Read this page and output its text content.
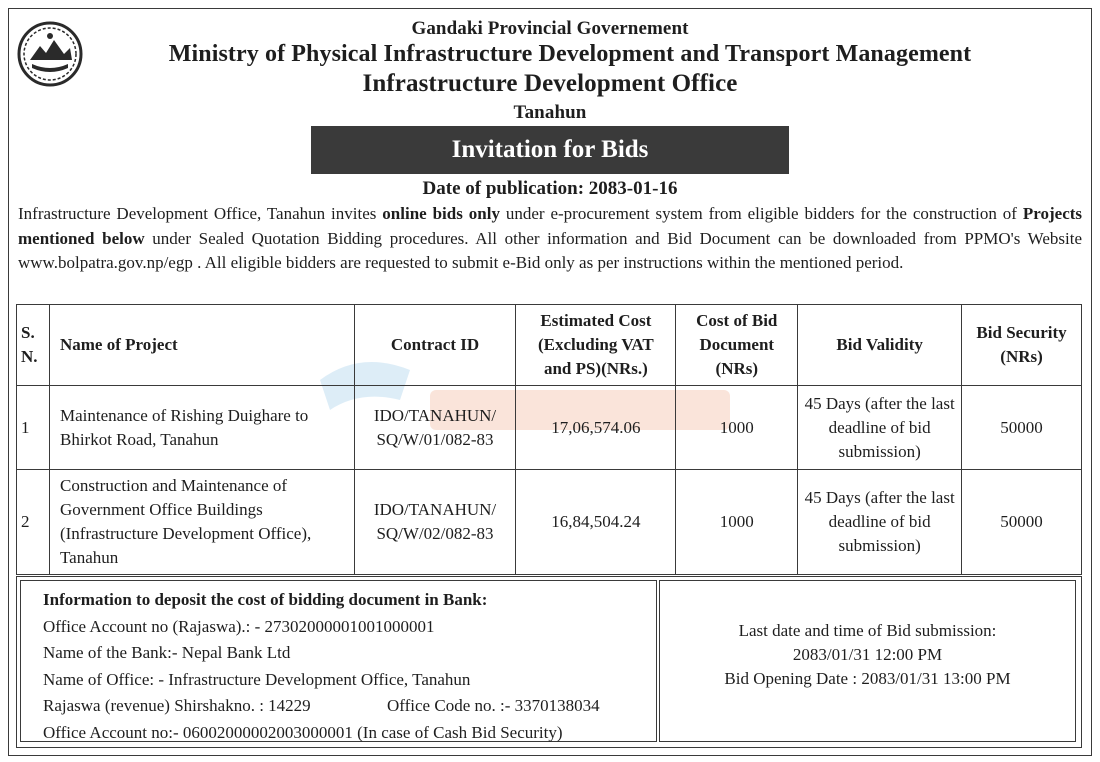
Gandaki Provincial Governement
Ministry of Physical Infrastructure Development and Transport Management
Infrastructure Development Office
Tanahun
Invitation for Bids
Date of publication: 2083-01-16
Infrastructure Development Office, Tanahun invites online bids only under e-procurement system from eligible bidders for the construction of Projects mentioned below under Sealed Quotation Bidding procedures. All other information and Bid Document can be downloaded from PPMO's Website www.bolpatra.gov.np/egp . All eligible bidders are requested to submit e-Bid only as per instructions within the mentioned period.
S. N.	Name of Project	Contract ID	Estimated Cost (Excluding VAT and PS)(NRs.)	Cost of Bid Document (NRs)	Bid Validity	Bid Security (NRs)
1	Maintenance of Rishing Duighare to Bhirkot Road, Tanahun	IDO/TANAHUN/ SQ/W/01/082-83	17,06,574.06	1000	45 Days (after the last deadline of bid submission)	50000
2	Construction and Maintenance of Government Office Buildings (Infrastructure Development Office), Tanahun	IDO/TANAHUN/ SQ/W/02/082-83	16,84,504.24	1000	45 Days (after the last deadline of bid submission)	50000
Information to deposit the cost of bidding document in Bank:
Office Account no (Rajaswa).: - 27302000001001000001
Name of the Bank:- Nepal Bank Ltd
Name of Office: - Infrastructure Development Office, Tanahun
Rajaswa (revenue) Shirshakno. : 14229	Office Code no. :- 3370138034
Office Account no:- 06002000002003000001 (In case of Cash Bid Security)
Last date and time of Bid submission:
2083/01/31 12:00 PM
Bid Opening Date : 2083/01/31 13:00 PM
